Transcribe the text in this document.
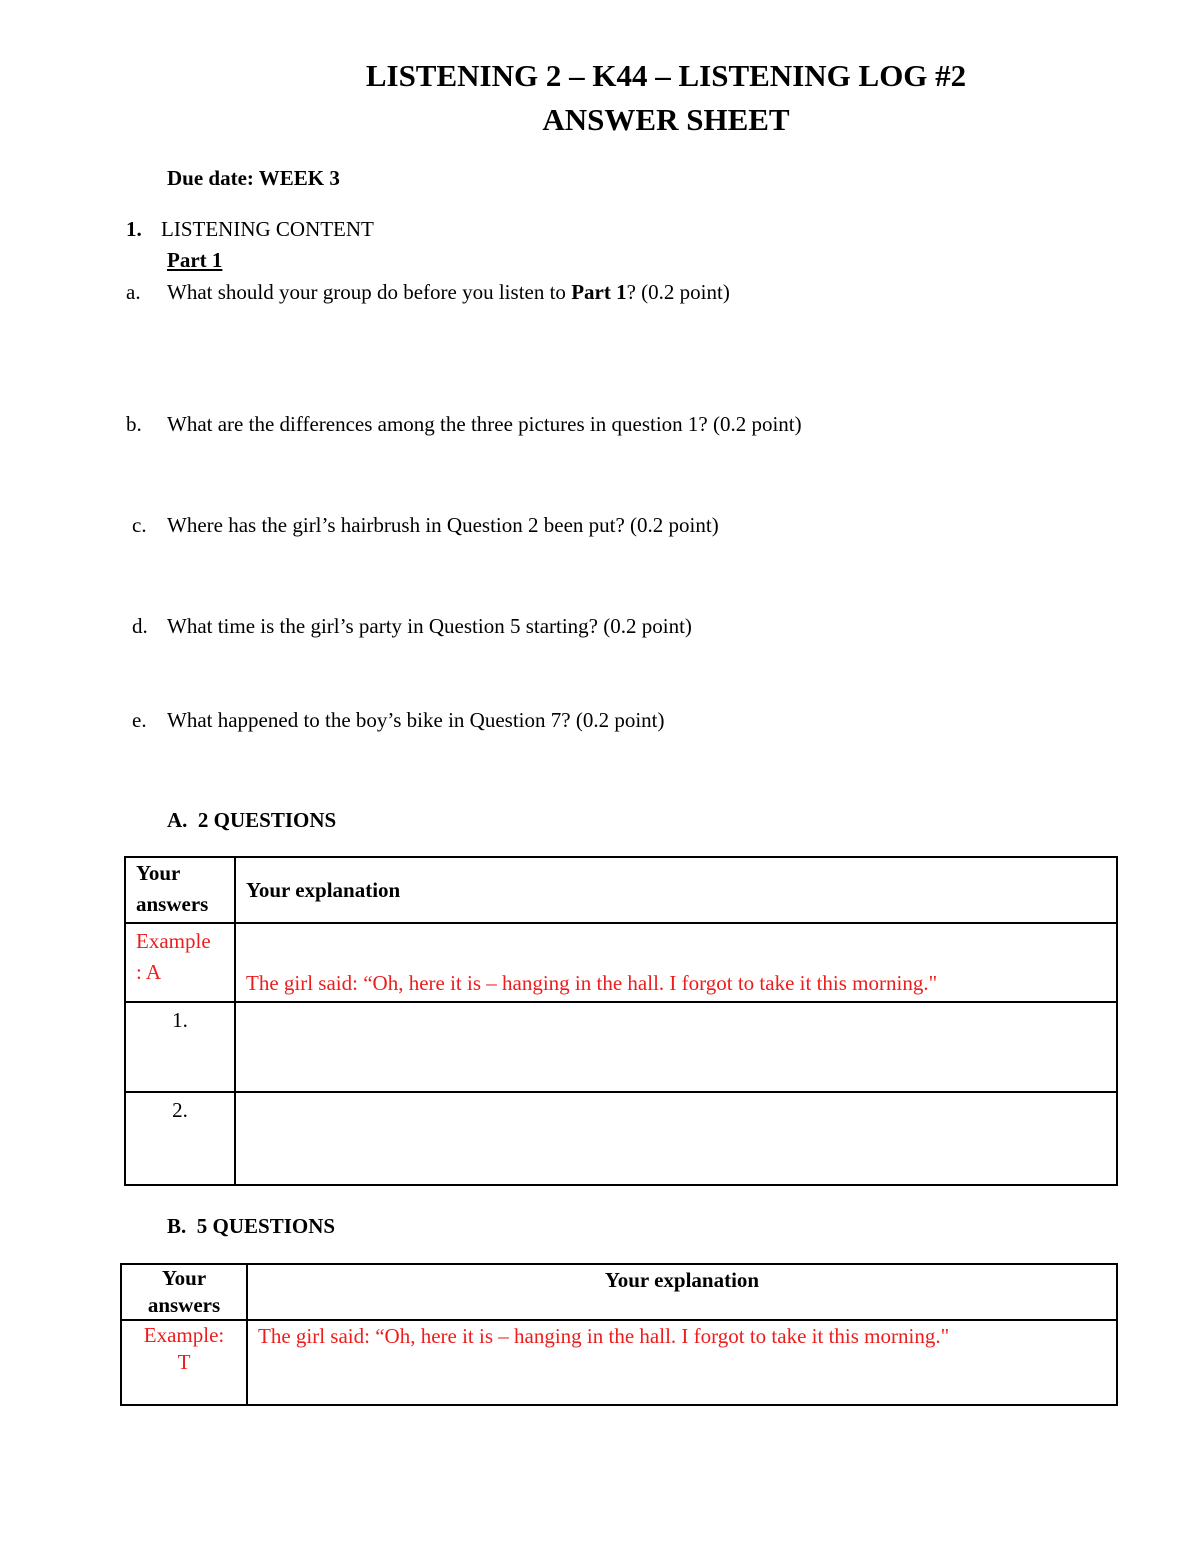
LISTENING 2 – K44 – LISTENING LOG #2
ANSWER SHEET
Due date: WEEK 3
1. LISTENING CONTENT
Part 1
a. What should your group do before you listen to Part 1? (0.2 point)
b. What are the differences among the three pictures in question 1? (0.2 point)
c. Where has the girl’s hairbrush in Question 2 been put? (0.2 point)
d. What time is the girl’s party in Question 5 starting? (0.2 point)
e. What happened to the boy’s bike in Question 7? (0.2 point)
A.  2 QUESTIONS
Your answers	Your explanation

Example
: A	The girl said: “Oh, here it is – hanging in the hall. I forgot to take it this morning."

1.	

2.	

B.  5 QUESTIONS
Your
answers	Your explanation

Example:
T	The girl said: “Oh, here it is – hanging in the hall. I forgot to take it this morning."
